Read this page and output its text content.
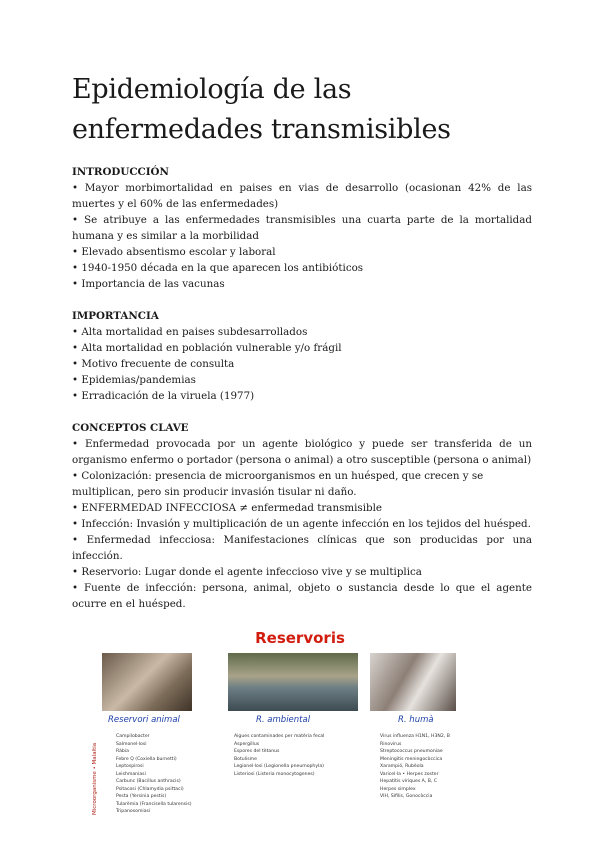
Epidemiología de las enfermedades transmisibles

INTRODUCCIÓN

• Mayor morbimortalidad en paises en vias de desarrollo (ocasionan 42% de las muertes y el 60% de las enfermedades)

• Se atribuye a las enfermedades transmisibles una cuarta parte de la mortalidad humana y es similar a la morbilidad

• Elevado absentismo escolar y laboral

• 1940-1950 década en la que aparecen los antibióticos

• Importancia de las vacunas

IMPORTANCIA

• Alta mortalidad en paises subdesarrollados

• Alta mortalidad en población vulnerable y/o frágil

• Motivo frecuente de consulta

• Epidemias/pandemias

• Erradicación de la viruela (1977)

CONCEPTOS CLAVE

• Enfermedad provocada por un agente biológico y puede ser transferida de un organismo enfermo o portador (persona o animal) a otro susceptible (persona o animal)

• Colonización: presencia de microorganismos en un huésped, que crecen y se multiplican, pero sin producir invasión tisular ni daño.

• ENFERMEDAD INFECCIOSA ≠ enfermedad transmisible

• Infección: Invasión y multiplicación de un agente infección en los tejidos del huésped.

• Enfermedad infecciosa: Manifestaciones clínicas que son producidas por una infección.

• Reservorio: Lugar donde el agente infeccioso vive y se multiplica

• Fuente de infección: persona, animal, objeto o sustancia desde lo que el agente ocurre en el huésped.

Reservoris
Microorganisme • Malaltia
Reservori animal	R. ambiental	R. humà
Campilobacter
Salmonel·losi
Ràbia
Febre Q (Coxiella burnetti)
Leptospirosi
Leishmaniasi
Carbunc (Bacillus anthracis)
Psitacosi (Chlamydia psittaci)
Pesta (Yersinia pestis)
Tularèmia (Francisella tularensis)
Tripanosomiasi
Aigues contaminades per matèria fecal
Aspergillus
Espores del tètanus
Botulisme
Legionel·losi (Legionella pneumophyla)
Listeriosi (Listeria monocytogenes)
Virus influenza H1N1, H3N2, B
Rinovirus
Streptococcus pneumoniae
Meningitis meningocòccica
Xarampió, Rubèola
Varicel·la • Herpes zoster
Hepatitis víriques A, B, C
Herpes simplex
VIH, Sífilis, Gonocòccia
